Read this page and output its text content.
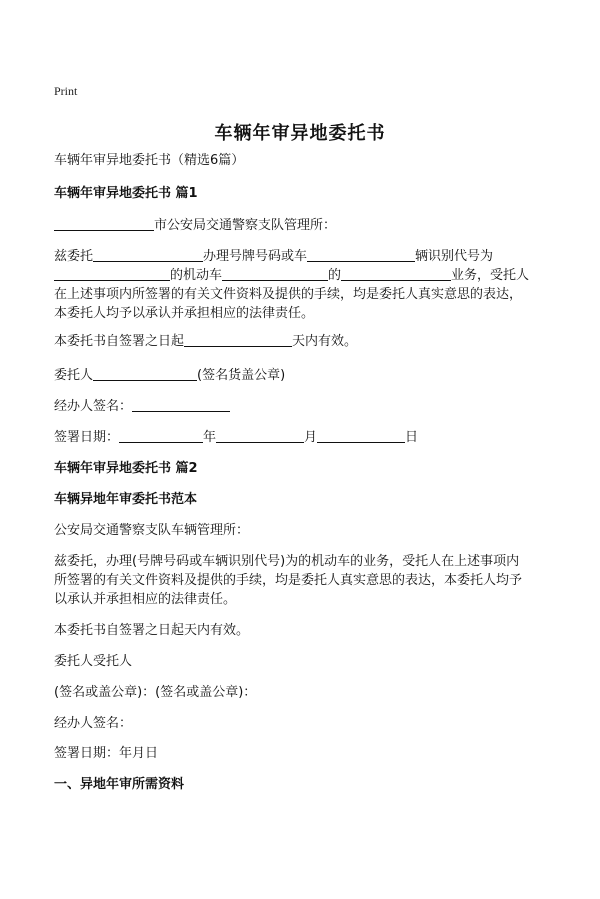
Print
车辆年审异地委托书
车辆年审异地委托书（精选6篇）
车辆年审异地委托书 篇1
市公安局交通警察支队管理所：
兹委托	办理号牌号码或车	辆识别代号为
的机动车	的	业务，受托人
在上述事项内所签署的有关文件资料及提供的手续，均是委托人真实意思的表达，
本委托人均予以承认并承担相应的法律责任。
本委托书自签署之日起	天内有效。
委托人	(签名货盖公章)
经办人签名：
签署日期：	年	月	日
车辆年审异地委托书 篇2
车辆异地年审委托书范本
公安局交通警察支队车辆管理所：
兹委托，办理(号牌号码或车辆识别代号)为的机动车的业务，受托人在上述事项内
所签署的有关文件资料及提供的手续，均是委托人真实意思的表达，本委托人均予
以承认并承担相应的法律责任。
本委托书自签署之日起天内有效。
委托人受托人
(签名或盖公章)：(签名或盖公章)：
经办人签名：
签署日期：年月日
一、异地年审所需资料
